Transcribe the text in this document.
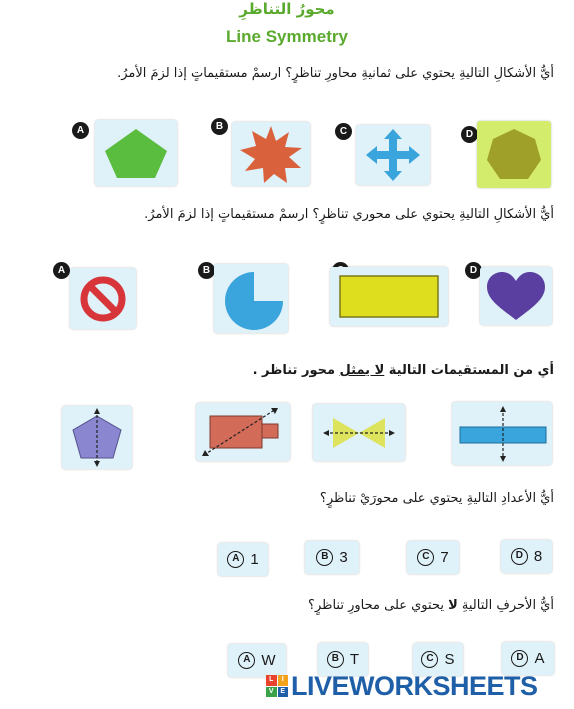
محورُ التناظرِ
Line Symmetry
أيُّ الأشكالِ التاليةِ يحتوي على ثمانيةِ محاورِ تناظرٍ؟ ارسمْ مستقيماتٍ إذا لزمَ الأمرُ.
A	B	C	D
أيُّ الأشكالِ التاليةِ يحتوي على محوري تناظرٍ؟ ارسمْ مستقيماتٍ إذا لزمَ الأمرُ.
A	B	D
أي من المستقيمات التالية لا يمثل محور تناظر .
أيُّ الأعدادِ التاليةِ يحتوي على محورَيْ تناظرٍ؟
A 1	B 3	C 7	D 8
أيُّ الأحرفِ التاليةِ لا يحتوي على محاورِ تناظرٍ؟
A W	B T	C S	D A
L	I
V E LIVEWORKSHEETS
